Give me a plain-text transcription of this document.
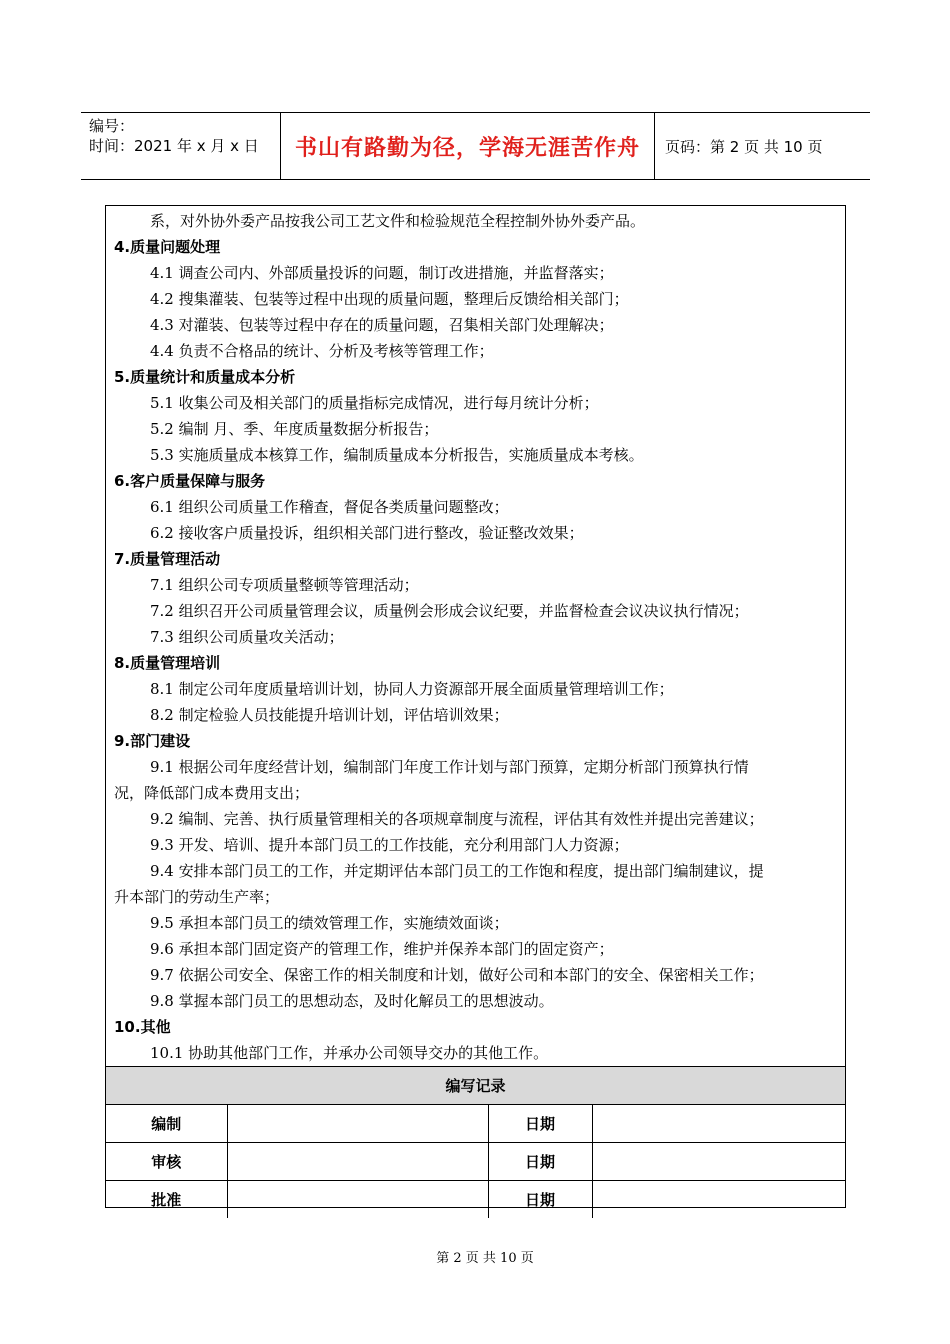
编号：
时间：2021 年 x 月 x 日	书山有路勤为径，学海无涯苦作舟	页码：第 2 页 共 10 页
系，对外协外委产品按我公司工艺文件和检验规范全程控制外协外委产品。
4.质量问题处理
4.1 调查公司内、外部质量投诉的问题，制订改进措施，并监督落实；
4.2 搜集灌装、包装等过程中出现的质量问题，整理后反馈给相关部门；
4.3 对灌装、包装等过程中存在的质量问题，召集相关部门处理解决；
4.4 负责不合格品的统计、分析及考核等管理工作；
5.质量统计和质量成本分析
5.1 收集公司及相关部门的质量指标完成情况，进行每月统计分析；
5.2 编制 月、季、年度质量数据分析报告；
5.3 实施质量成本核算工作，编制质量成本分析报告，实施质量成本考核。
6.客户质量保障与服务
6.1 组织公司质量工作稽查，督促各类质量问题整改；
6.2 接收客户质量投诉，组织相关部门进行整改，验证整改效果；
7.质量管理活动
7.1 组织公司专项质量整顿等管理活动；
7.2 组织召开公司质量管理会议，质量例会形成会议纪要，并监督检查会议决议执行情况；
7.3 组织公司质量攻关活动；
8.质量管理培训
8.1 制定公司年度质量培训计划，协同人力资源部开展全面质量管理培训工作；
8.2 制定检验人员技能提升培训计划，评估培训效果；
9.部门建设
9.1 根据公司年度经营计划，编制部门年度工作计划与部门预算，定期分析部门预算执行情
况，降低部门成本费用支出；
9.2 编制、完善、执行质量管理相关的各项规章制度与流程，评估其有效性并提出完善建议；
9.3 开发、培训、提升本部门员工的工作技能，充分利用部门人力资源；
9.4 安排本部门员工的工作，并定期评估本部门员工的工作饱和程度，提出部门编制建议，提
升本部门的劳动生产率；
9.5 承担本部门员工的绩效管理工作，实施绩效面谈；
9.6 承担本部门固定资产的管理工作，维护并保养本部门的固定资产；
9.7 依据公司安全、保密工作的相关制度和计划，做好公司和本部门的安全、保密相关工作；
9.8 掌握本部门员工的思想动态，及时化解员工的思想波动。
10.其他
10.1 协助其他部门工作，并承办公司领导交办的其他工作。
编写记录			
编制		日期	
审核		日期	
批准		日期	
第 2 页 共 10 页
